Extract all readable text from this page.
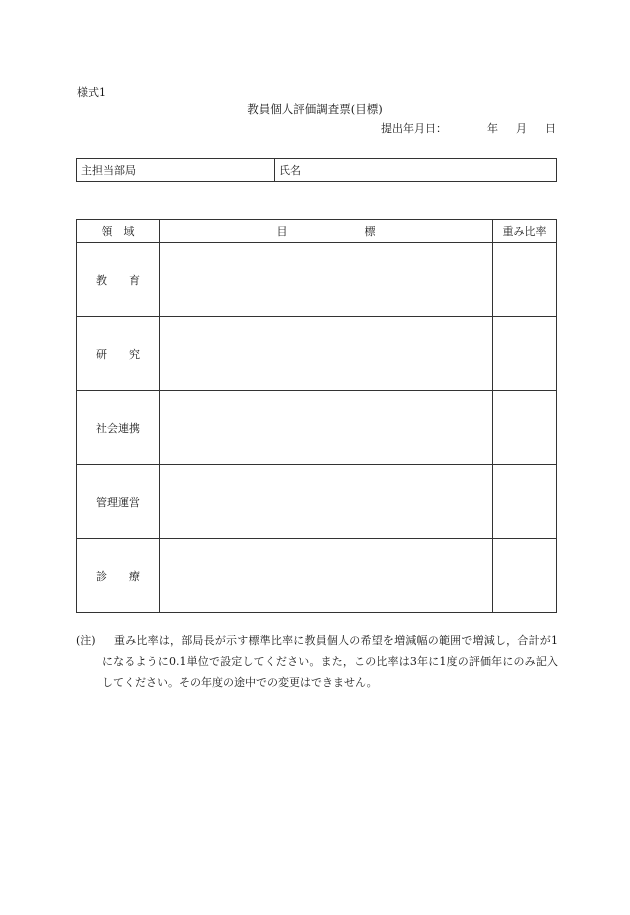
様式1
教員個人評価調査票(目標)
提出年月日：	年 月 日
主担当部局	氏名
領　域	目　　　　　　　標	重み比率
教　　育		
研　　究		
社会連携		
管理運営		
診　　療		
(注)	重み比率は，部局長が示す標準比率に教員個人の希望を増減幅の範囲で増減し，合計が1になるように0.1単位で設定してください。また，この比率は3年に1度の評価年にのみ記入してください。その年度の途中での変更はできません。
